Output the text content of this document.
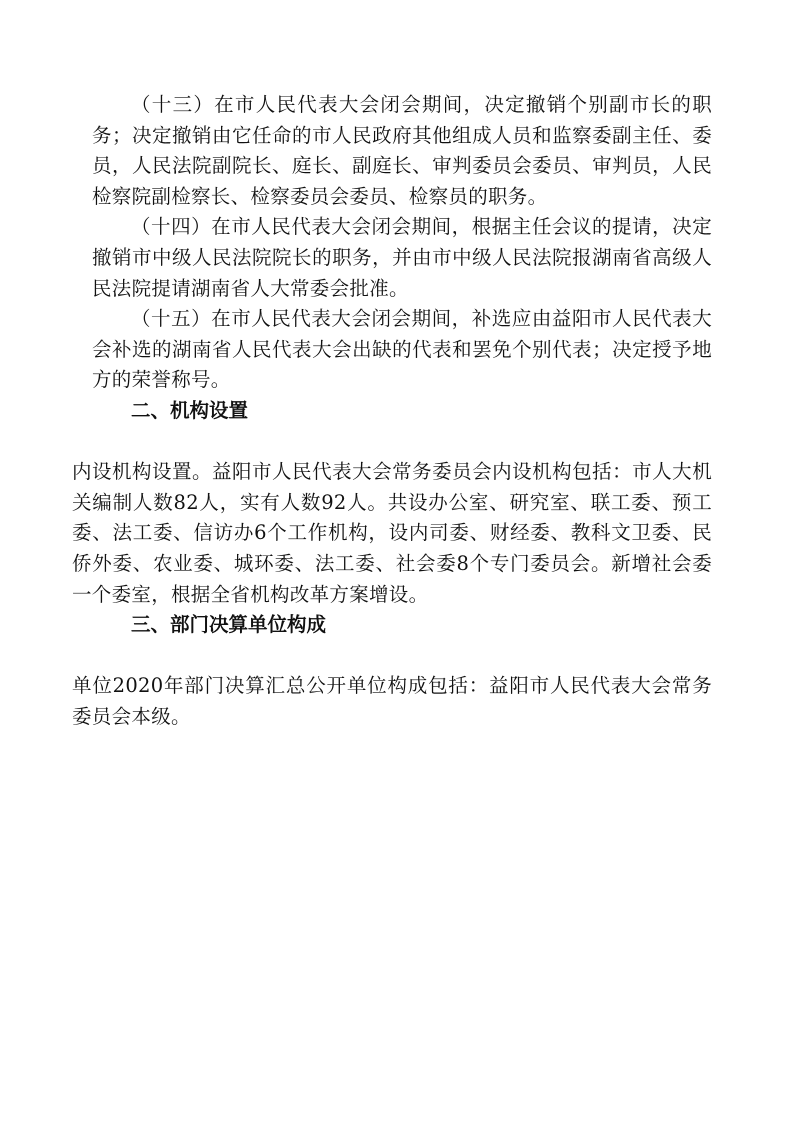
（十三）在市人民代表大会闭会期间，决定撤销个别副市长的职务；决定撤销由它任命的市人民政府其他组成人员和监察委副主任、委员，人民法院副院长、庭长、副庭长、审判委员会委员、审判员，人民检察院副检察长、检察委员会委员、检察员的职务。

（十四）在市人民代表大会闭会期间，根据主任会议的提请，决定撤销市中级人民法院院长的职务，并由市中级人民法院报湖南省高级人民法院提请湖南省人大常委会批准。

（十五）在市人民代表大会闭会期间，补选应由益阳市人民代表大会补选的湖南省人民代表大会出缺的代表和罢免个别代表；决定授予地方的荣誉称号。

二、机构设置

内设机构设置。益阳市人民代表大会常务委员会内设机构包括：市人大机关编制人数82人，实有人数92人。共设办公室、研究室、联工委、预工委、法工委、信访办6个工作机构，设内司委、财经委、教科文卫委、民侨外委、农业委、城环委、法工委、社会委8个专门委员会。新增社会委一个委室，根据全省机构改革方案增设。

三、部门决算单位构成

单位2020年部门决算汇总公开单位构成包括：益阳市人民代表大会常务委员会本级。
